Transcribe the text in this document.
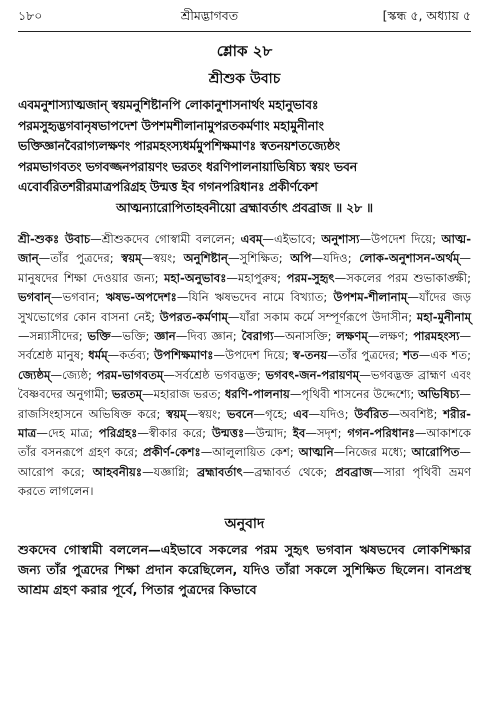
১৮০	শ্রীমদ্ভাগবত	[স্কন্ধ ৫, অধ্যায় ৫
শ্লোক ২৮
শ্রীশুক উবাচ
এবমনুশাস্যাত্মজান্ স্বয়মনুশিষ্টানপি লোকানুশাসনার্থং মহানুভাবঃ
পরমসুহৃদ্ভগবানৃষভাপদেশ উপশমশীলানামুপরতকর্মণাং মহামুনীনাং
ভক্তিজ্ঞানবৈরাগ্যলক্ষণং পারমহংস্যধর্মমুপশিক্ষমাণঃ স্বতনয়শতজ্যেষ্ঠং
পরমভাগবতং ভগবজ্জনপরায়ণং ভরতং ধরণিপালনায়াভিষিচ্য স্বয়ং ভবন
এবোর্বরিতশরীরমাত্রপরিগ্রহ উন্মত্ত ইব গগনপরিধানঃ প্রকীর্ণকেশ
আত্মন্যারোপিতাহবনীয়ো ব্রহ্মাবর্তাৎ প্রবব্রাজ ॥ ২৮ ॥
শ্রী-শুকঃ উবাচ—শ্রীশুকদেব গোস্বামী বললেন; এবম্—এইভাবে; অনুশাস্য—উপদেশ দিয়ে; আত্ম-জান্—তাঁর পুত্রদের; স্বয়ম্—স্বয়ং; অনুশিষ্টান্—সুশিক্ষিত; অপি—যদিও; লোক-অনুশাসন-অর্থম্—মানুষদের শিক্ষা দেওয়ার জন্য; মহা-অনুভাবঃ—মহাপুরুষ; পরম-সুহৃৎ—সকলের পরম শুভাকাঙ্ক্ষী; ভগবান্—ভগবান; ঋষভ-অপদেশঃ—যিনি ঋষভদেব নামে বিখ্যাত; উপশম-শীলানাম্—যাঁদের জড় সুখভোগের কোন বাসনা নেই; উপরত-কর্মণাম্—যাঁরা সকাম কর্মে সম্পূর্ণরূপে উদাসীন; মহা-মুনীনাম্—সন্ন্যাসীদের; ভক্তি—ভক্তি; জ্ঞান—দিব্য জ্ঞান; বৈরাগ্য—অনাসক্তি; লক্ষণম্—লক্ষণ; পারমহংস্য—সর্বশ্রেষ্ঠ মানুষ; ধর্মম্—কর্তব্য; উপশিক্ষমাণঃ—উপদেশ দিয়ে; স্ব-তনয়—তাঁর পুত্রদের; শত—এক শত; জ্যেষ্ঠম্—জ্যেষ্ঠ; পরম-ভাগবতম্—সর্বশ্রেষ্ঠ ভগবদ্ভক্ত; ভগবৎ-জন-পরায়ণম্—ভগবদ্ভক্ত ব্রাহ্মণ এবং বৈষ্ণবদের অনুগামী; ভরতম্—মহারাজ ভরত; ধরণি-পালনায়—পৃথিবী শাসনের উদ্দেশ্যে; অভিষিচ্য—রাজসিংহাসনে অভিষিক্ত করে; স্বয়ম্—স্বয়ং; ভবনে—গৃহে; এব—যদিও; উর্বরিত—অবশিষ্ট; শরীর-মাত্র—দেহ মাত্র; পরিগ্রহঃ—স্বীকার করে; উন্মত্তঃ—উন্মাদ; ইব—সদৃশ; গগন-পরিধানঃ—আকাশকে তাঁর বসনরূপে গ্রহণ করে; প্রকীর্ণ-কেশঃ—আলুলায়িত কেশ; আত্মনি—নিজের মধ্যে; আরোপিত—আরোপ করে; আহবনীয়ঃ—যজ্ঞাগ্নি; ব্রহ্মাবর্তাৎ—ব্রহ্মাবর্ত থেকে; প্রবব্রাজ—সারা পৃথিবী ভ্রমণ করতে লাগলেন।
অনুবাদ
শুকদেব গোস্বামী বললেন—এইভাবে সকলের পরম সুহৃৎ ভগবান ঋষভদেব লোকশিক্ষার জন্য তাঁর পুত্রদের শিক্ষা প্রদান করেছিলেন, যদিও তাঁরা সকলে সুশিক্ষিত ছিলেন। বানপ্রস্থ আশ্রম গ্রহণ করার পূর্বে, পিতার পুত্রদের কিভাবে
